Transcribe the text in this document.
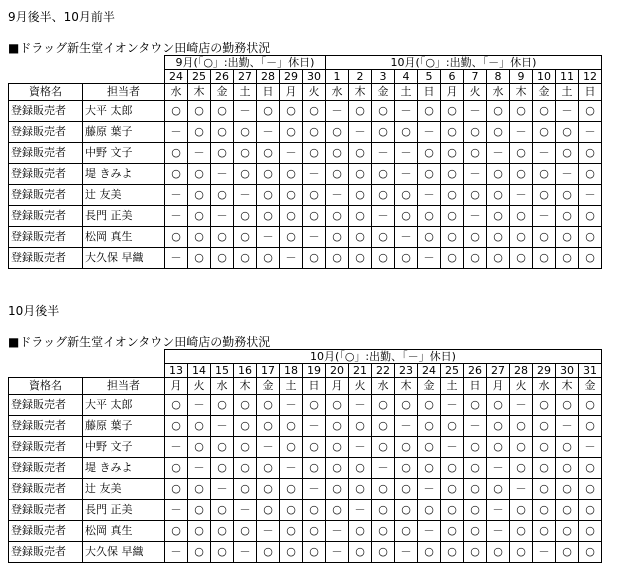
9月後半、10月前半
■ドラッグ新生堂イオンタウン田崎店の勤務状況
		9月(「○」:出勤、「－」休日)							10月(「○」:出勤、「－」休日)											
		24	25	26	27	28	29	30	1	2	3	4	5	6	7	8	9	10	11	12
資格名	担当者	水	木	金	土	日	月	火	水	木	金	土	日	月	火	水	木	金	土	日
登録販売者	大平 太郎	○	○	○	－	○	○	○	－	○	○	－	○	○	－	○	○	○	－	○
登録販売者	藤原 葉子	－	○	○	○	－	○	○	○	－	○	○	－	○	○	○	－	○	○	－
登録販売者	中野 文子	○	－	○	○	○	－	○	○	○	－	－	○	○	○	－	○	－	○	○
登録販売者	堤 きみよ	○	○	－	○	○	○	－	○	○	○	－	○	○	－	○	○	○	－	○
登録販売者	辻 友美	－	○	○	－	○	○	○	－	○	○	○	－	○	○	○	－	○	○	－
登録販売者	長門 正美	－	○	－	○	○	○	○	○	○	－	○	○	○	－	○	○	－	○	○
登録販売者	松岡 真生	○	○	○	○	－	○	－	○	○	○	－	○	○	○	○	○	○	○	○
登録販売者	大久保 早織	－	○	○	○	○	－	○	○	○	○	○	－	○	○	○	○	○	○	○
10月後半
■ドラッグ新生堂イオンタウン田崎店の勤務状況
		10月(「○」:出勤、「－」休日)																		
		13	14	15	16	17	18	19	20	21	22	23	24	25	26	27	28	29	30	31
資格名	担当者	月	火	水	木	金	土	日	月	火	水	木	金	土	日	月	火	水	木	金
登録販売者	大平 太郎	○	－	○	○	○	－	○	○	－	○	○	○	－	○	○	－	○	○	○
登録販売者	藤原 葉子	○	○	－	○	○	○	－	○	○	○	－	○	○	－	○	○	○	－	○
登録販売者	中野 文子	－	○	○	○	－	○	○	○	－	○	○	○	－	○	○	○	○	○	－
登録販売者	堤 きみよ	○	－	○	○	○	－	○	○	○	－	○	○	○	○	－	○	○	○	○
登録販売者	辻 友美	○	○	－	○	○	○	－	○	○	○	○	－	○	○	○	－	○	○	○
登録販売者	長門 正美	－	○	○	－	○	○	○	○	－	○	○	○	○	○	－	○	○	○	○
登録販売者	松岡 真生	○	○	○	○	－	○	○	－	○	○	○	－	○	○	－	○	○	○	○
登録販売者	大久保 早織	－	○	○	－	○	○	○	－	○	○	－	○	○	○	○	○	－	○	○
